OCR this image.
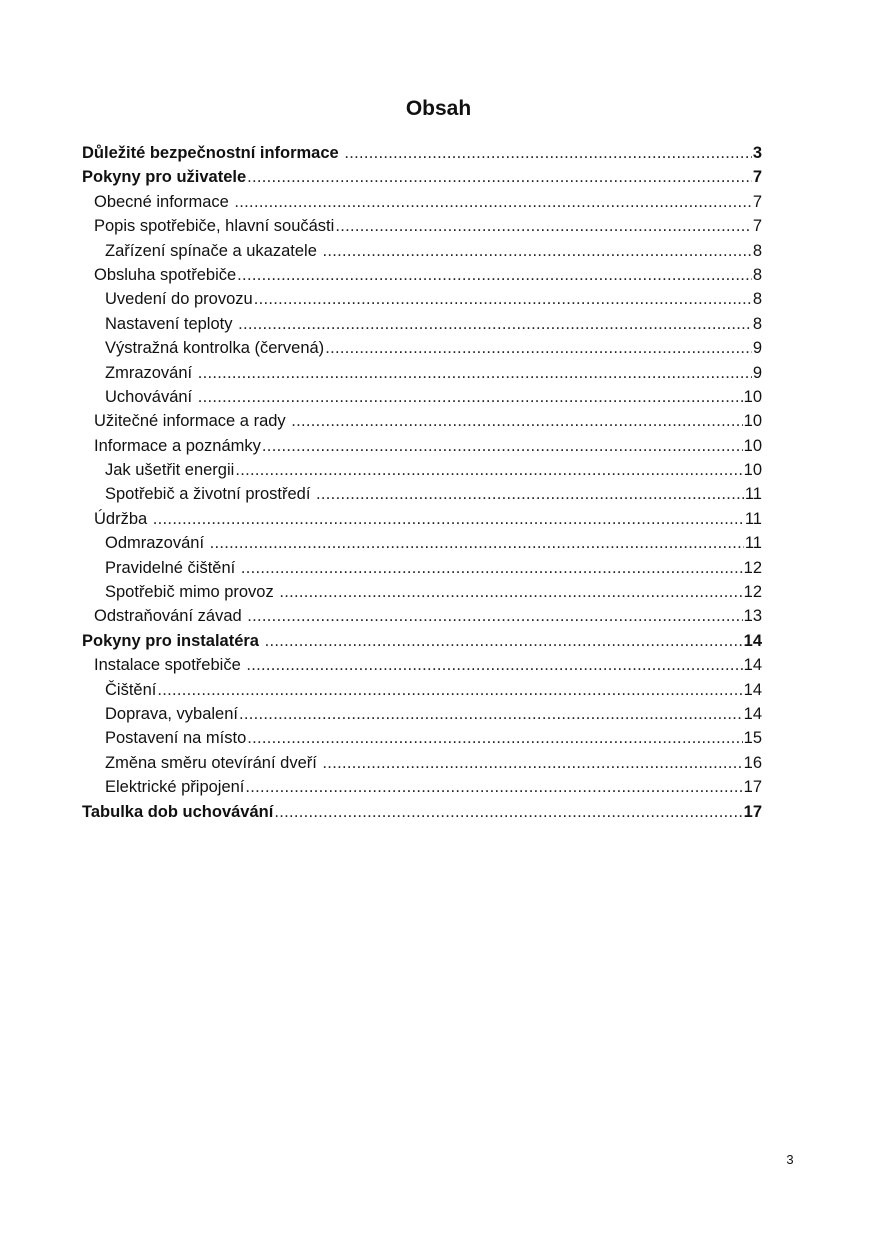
Obsah
Důležité bezpečnostní informace .....	3
Pokyny pro uživatele .....	7
Obecné informace .....	7
Popis spotřebiče, hlavní součásti .....	7
Zařízení spínače a ukazatele .....	8
Obsluha spotřebiče .....	8
Uvedení do provozu .....	8
Nastavení teploty .....	8
Výstražná kontrolka (červená) .....	9
Zmrazování .....	9
Uchovávání .....	10
Užitečné informace a rady .....	10
Informace a poznámky .....	10
Jak ušetřit energii .....	10
Spotřebič a životní prostředí .....	11
Údržba .....	11
Odmrazování .....	11
Pravidelné čištění .....	12
Spotřebič mimo provoz .....	12
Odstraňování závad .....	13
Pokyny pro instalatéra .....	14
Instalace spotřebiče .....	14
Čištění .....	14
Doprava, vybalení .....	14
Postavení na místo .....	15
Změna směru otevírání dveří .....	16
Elektrické připojení .....	17
Tabulka dob uchovávání .....	17
3
